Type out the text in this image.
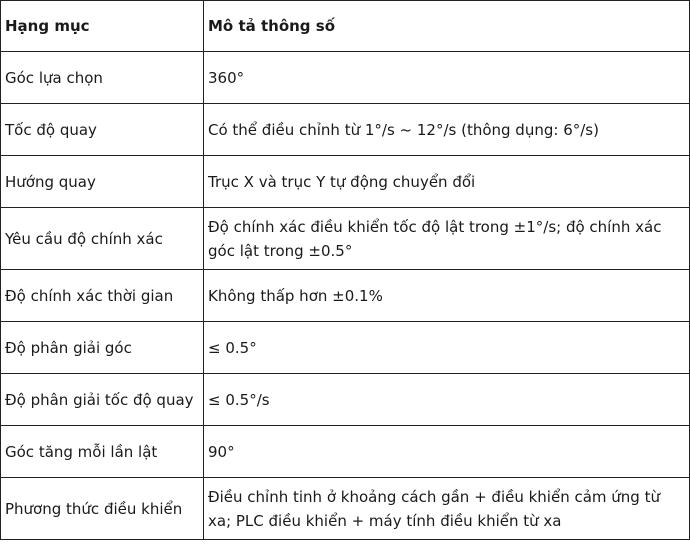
Hạng mục	Mô tả thông số
Góc lựa chọn	360°
Tốc độ quay	Có thể điều chỉnh từ 1°/s ~ 12°/s (thông dụng: 6°/s)
Hướng quay	Trục X và trục Y tự động chuyển đổi
Yêu cầu độ chính xác	Độ chính xác điều khiển tốc độ lật trong ±1°/s; độ chính xác góc lật trong ±0.5°
Độ chính xác thời gian	Không thấp hơn ±0.1%
Độ phân giải góc	≤ 0.5°
Độ phân giải tốc độ quay	≤ 0.5°/s
Góc tăng mỗi lần lật	90°
Phương thức điều khiển	Điều chỉnh tinh ở khoảng cách gần + điều khiển cảm ứng từ xa; PLC điều khiển + máy tính điều khiển từ xa
